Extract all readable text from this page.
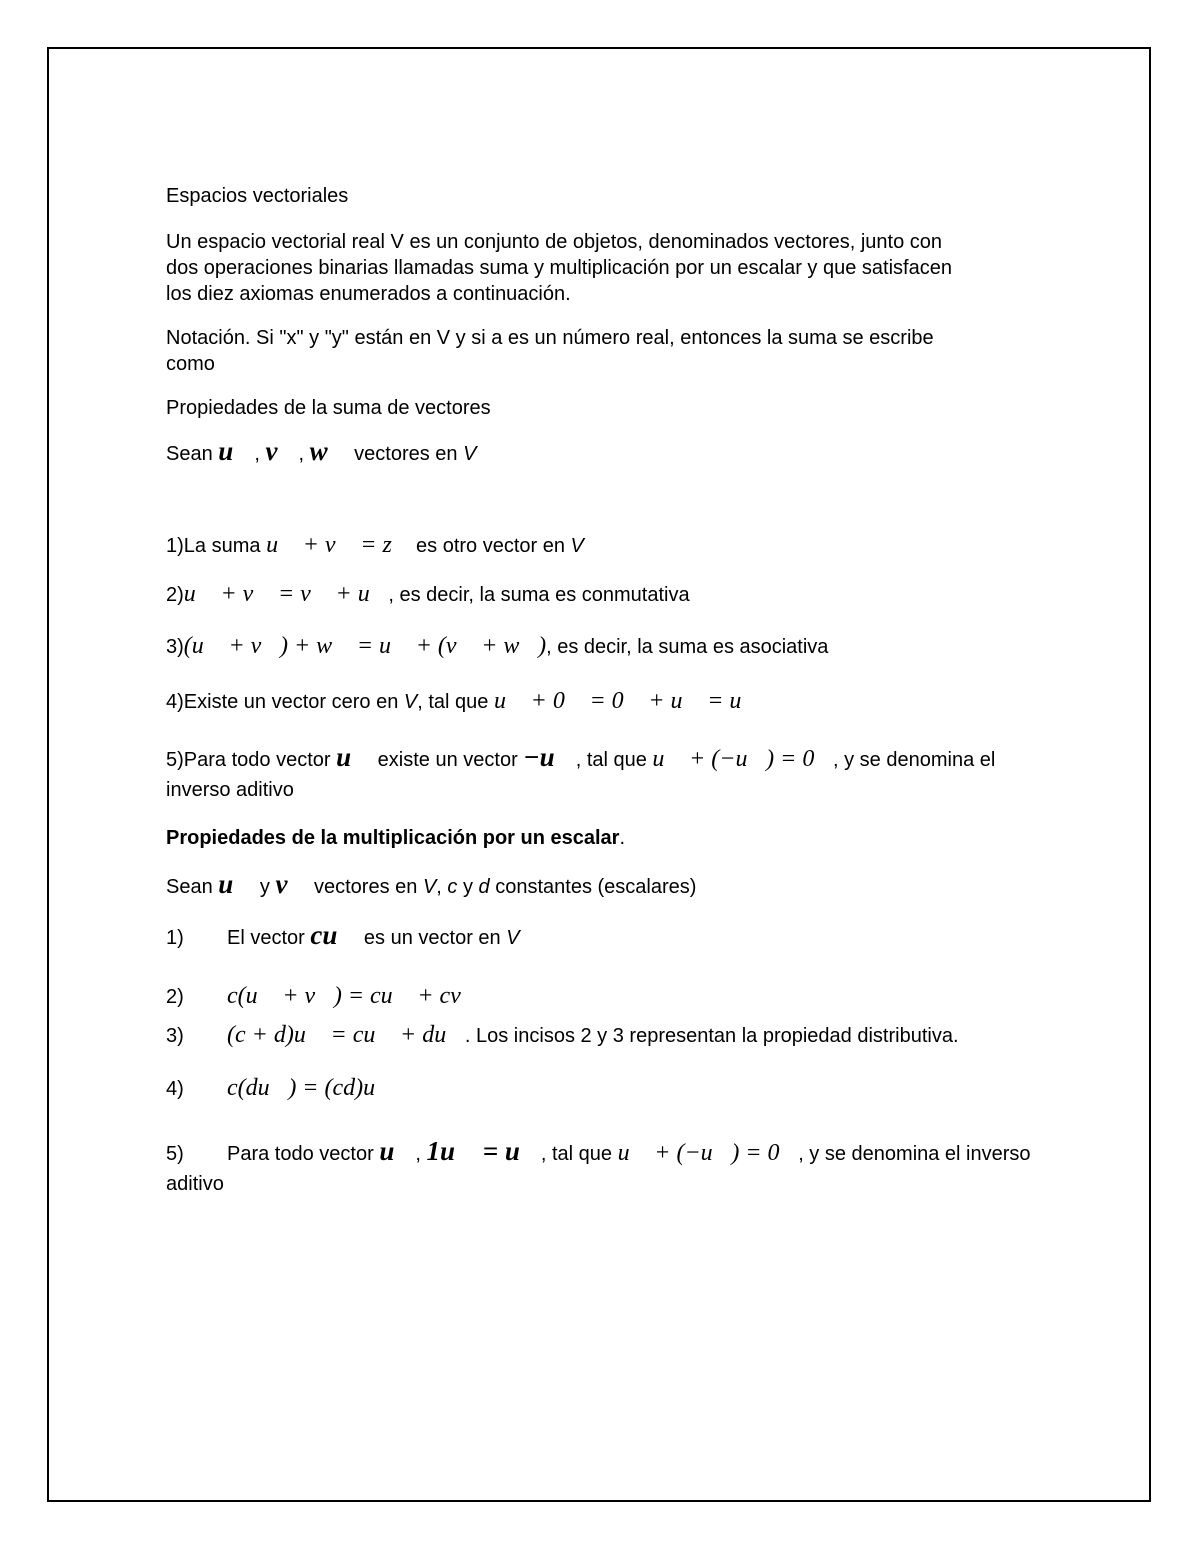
Espacios vectoriales

Un espacio vectorial real V es un conjunto de objetos, denominados vectores, junto con

dos operaciones binarias llamadas suma y multiplicación por un escalar y que satisfacen

los diez axiomas enumerados a continuación.

Notación. Si "x" y "y" están en V y si a es un número real, entonces la suma se escribe

como

Propiedades de la suma de vectores

Sean u⃗, v⃗, w⃗ vectores en V

1)La suma u⃗ + v⃗ = z⃗ es otro vector en V

2)u⃗ + v⃗ = v⃗ + u⃗, es decir, la suma es conmutativa

3)(u⃗ + v⃗) + w⃗ = u⃗ + (v⃗ + w⃗), es decir, la suma es asociativa

4)Existe un vector cero en V, tal que u⃗ + 0⃗ = 0⃗ + u⃗ = u⃗

5)Para todo vector u⃗ existe un vector −u⃗, tal que u⃗ + (−u⃗) = 0⃗, y se denomina el

inverso aditivo

Propiedades de la multiplicación por un escalar.

Sean u⃗ y v⃗ vectores en V, c y d constantes (escalares)

1) El vector cu⃗ es un vector en V

2) c(u⃗ + v⃗) = cu⃗ + cv⃗

3) (c + d)u⃗ = cu⃗ + du⃗. Los incisos 2 y 3 representan la propiedad distributiva.

4) c(du⃗) = (cd)u⃗

5) Para todo vector u⃗, 1u⃗ = u⃗, tal que u⃗ + (−u⃗) = 0⃗, y se denomina el inverso

aditivo
